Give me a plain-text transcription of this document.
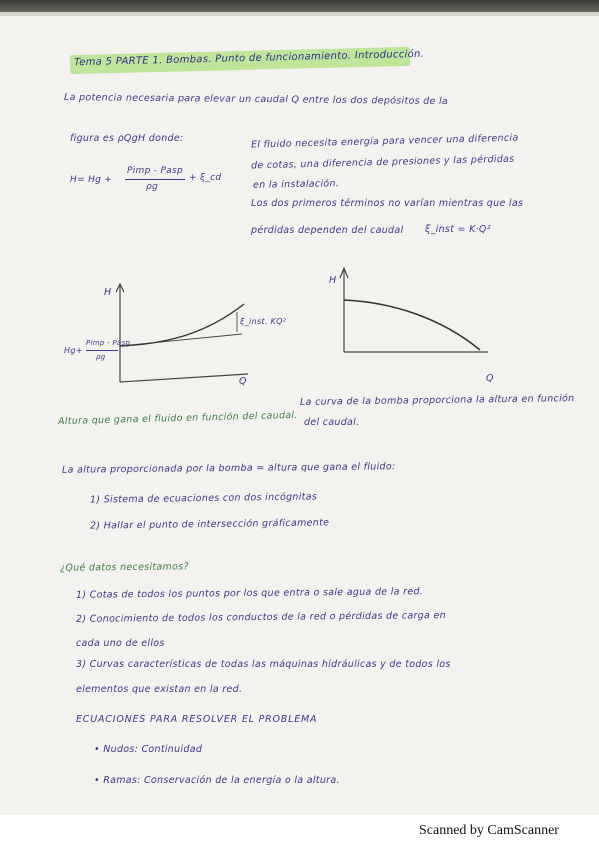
Tema 5 PARTE 1. Bombas. Punto de funcionamiento. Introducción.
La potencia necesaria para elevar un caudal Q entre los dos depósitos de la
figura es ρQgH donde:
H= Hg +
Pimp - Pasp
ρg
+ ξ_cd
El fluido necesita energía para vencer una diferencia
de cotas, una diferencia de presiones y las pérdidas
en la instalación.
Los dos primeros términos no varían mientras que las
pérdidas dependen del caudal ξ_inst = K·Q²
H
Q
ξ_inst. KQ²
Hg+
Pimp - Pasp
ρg
Altura que gana el fluido en función del caudal.
H
Q
La curva de la bomba proporciona la altura en función
del caudal.
La altura proporcionada por la bomba = altura que gana el fluido:
1) Sistema de ecuaciones con dos incógnitas
2) Hallar el punto de intersección gráficamente
¿Qué datos necesitamos?
1) Cotas de todos los puntos por los que entra o sale agua de la red.
2) Conocimiento de todos los conductos de la red o pérdidas de carga en
cada uno de ellos
3) Curvas características de todas las máquinas hidráulicas y de todos los
elementos que existan en la red.
ECUACIONES PARA RESOLVER EL PROBLEMA
• Nudos: Continuidad
• Ramas: Conservación de la energía o la altura.
Scanned by CamScanner
